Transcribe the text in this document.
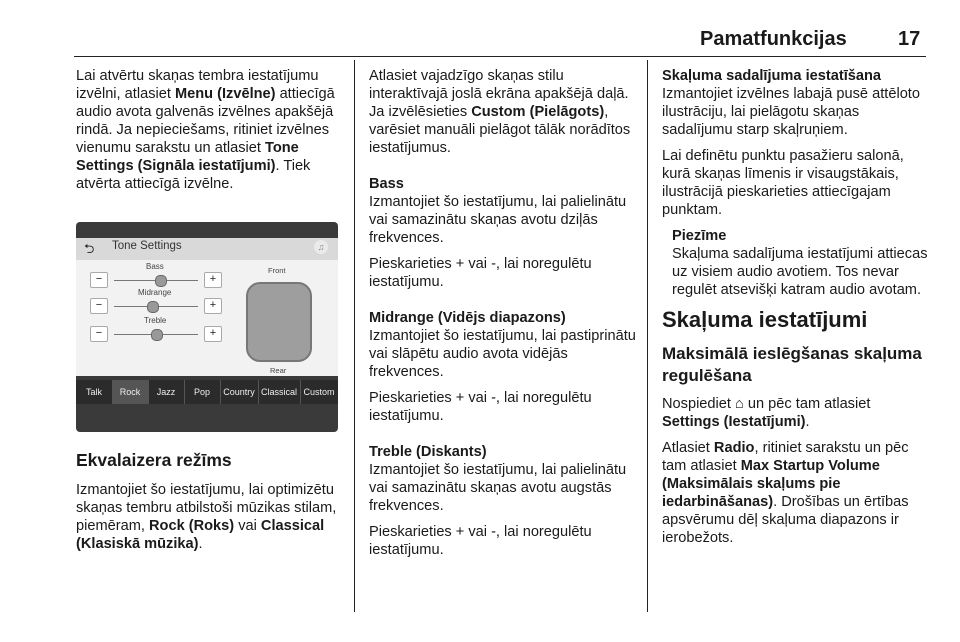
Pamatfunkcijas	17

Lai atvērtu skaņas tembra iestatījumu izvēlni, atlasiet Menu (Izvēlne) attiecīgā audio avota galvenās izvēlnes apakšējā rindā. Ja nepieciešams, ritiniet izvēlnes vienumu sarakstu un atlasiet Tone Settings (Signāla iestatījumi). Tiek atvērta attiecīgā izvēlne.

Ekvalaizera režīms

Izmantojiet šo iestatījumu, lai optimizētu skaņas tembru atbilstoši mūzikas stilam, piemēram, Rock (Roks) vai Classical (Klasiskā mūzika).

⮌ Tone Settings	♫
Bass
−	+
Midrange
−	+
Treble
−	+
Front
Rear
Talk	Rock	Jazz	Pop	Country Classical Custom

Atlasiet vajadzīgo skaņas stilu interaktīvajā joslā ekrāna apakšējā daļā. Ja izvēlēsieties Custom (Pielāgots), varēsiet manuāli pielāgot tālāk norādītos iestatījumus.

Bass

Izmantojiet šo iestatījumu, lai palielinātu vai samazinātu skaņas avotu dziļās frekvences.

Pieskarieties + vai -, lai noregulētu iestatījumu.

Midrange (Vidējs diapazons)

Izmantojiet šo iestatījumu, lai pastiprinātu vai slāpētu audio avota vidējās frekvences.

Pieskarieties + vai -, lai noregulētu iestatījumu.

Treble (Diskants)

Izmantojiet šo iestatījumu, lai palielinātu vai samazinātu skaņas avotu augstās frekvences.

Pieskarieties + vai -, lai noregulētu iestatījumu.

Skaļuma sadalījuma iestatīšana

Izmantojiet izvēlnes labajā pusē attēloto ilustrāciju, lai pielāgotu skaņas sadalījumu starp skaļruņiem.

Lai definētu punktu pasažieru salonā, kurā skaņas līmenis ir visaugstākais, ilustrācijā pieskarieties attiecīgajam punktam.

Piezīme

Skaļuma sadalījuma iestatījumi attiecas uz visiem audio avotiem. Tos nevar regulēt atsevišķi katram audio avotam.

Skaļuma iestatījumi
Maksimālā ieslēgšanas skaļuma regulēšana

Nospiediet ⌂ un pēc tam atlasiet Settings (Iestatījumi).

Atlasiet Radio, ritiniet sarakstu un pēc tam atlasiet Max Startup Volume (Maksimālais skaļums pie iedarbināšanas). Drošības un ērtības apsvērumu dēļ skaļuma diapazons ir ierobežots.
